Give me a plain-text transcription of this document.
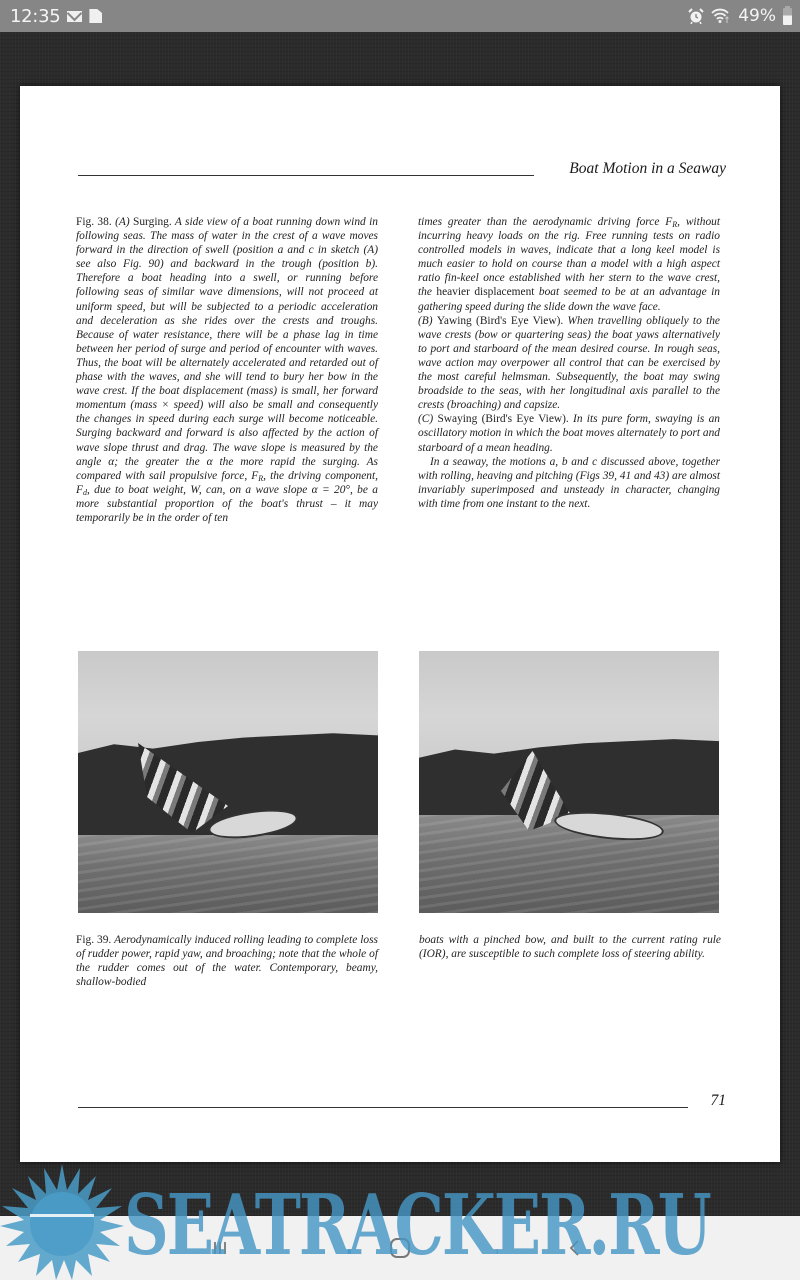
12:35	49%
Boat Motion in a Seaway

Fig. 38. (A) Surging. A side view of a boat running down wind in following seas. The mass of water in the crest of a wave moves forward in the direction of swell (position a and c in sketch (A) see also Fig. 90) and backward in the trough (position b). Therefore a boat heading into a swell, or running before following seas of similar wave dimensions, will not proceed at uniform speed, but will be subjected to a periodic acceleration and deceleration as she rides over the crests and troughs. Because of water resistance, there will be a phase lag in time between her period of surge and period of encounter with waves. Thus, the boat will be alternately accelerated and retarded out of phase with the waves, and she will tend to bury her bow in the wave crest. If the boat displacement (mass) is small, her forward momentum (mass × speed) will also be small and consequently the changes in speed during each surge will become noticeable. Surging backward and forward is also affected by the action of wave slope thrust and drag. The wave slope is measured by the angle α; the greater the α the more rapid the surging. As compared with sail propulsive force, $F_R$, the driving component, $F_d$, due to boat weight, W, can, on a wave slope α = 20°, be a more substantial proportion of the boat's thrust – it may temporarily be in the order of ten

times greater than the aerodynamic driving force $F_R$, without incurring heavy loads on the rig. Free running tests on radio controlled models in waves, indicate that a long keel model is much easier to hold on course than a model with a high aspect ratio fin-keel once established with her stern to the wave crest, the heavier displacement boat seemed to be at an advantage in gathering speed during the slide down the wave face.

(B) Yawing (Bird's Eye View). When travelling obliquely to the wave crests (bow or quartering seas) the boat yaws alternatively to port and starboard of the mean desired course. In rough seas, wave action may overpower all control that can be exercised by the most careful helmsman. Subsequently, the boat may swing broadside to the seas, with her longitudinal axis parallel to the crests (broaching) and capsize.

(C) Swaying (Bird's Eye View). In its pure form, swaying is an oscillatory motion in which the boat moves alternately to port and starboard of a mean heading.

In a seaway, the motions a, b and c discussed above, together with rolling, heaving and pitching (Figs 39, 41 and 43) are almost invariably superimposed and unsteady in character, changing with time from one instant to the next.

Fig. 39. Aerodynamically induced rolling leading to complete loss of rudder power, rapid yaw, and broaching; note that the whole of the rudder comes out of the water. Contemporary, beamy, shallow-bodied
boats with a pinched bow, and built to the current rating rule (IOR), are susceptible to such complete loss of steering ability.
71
SEATRACKER.RU
